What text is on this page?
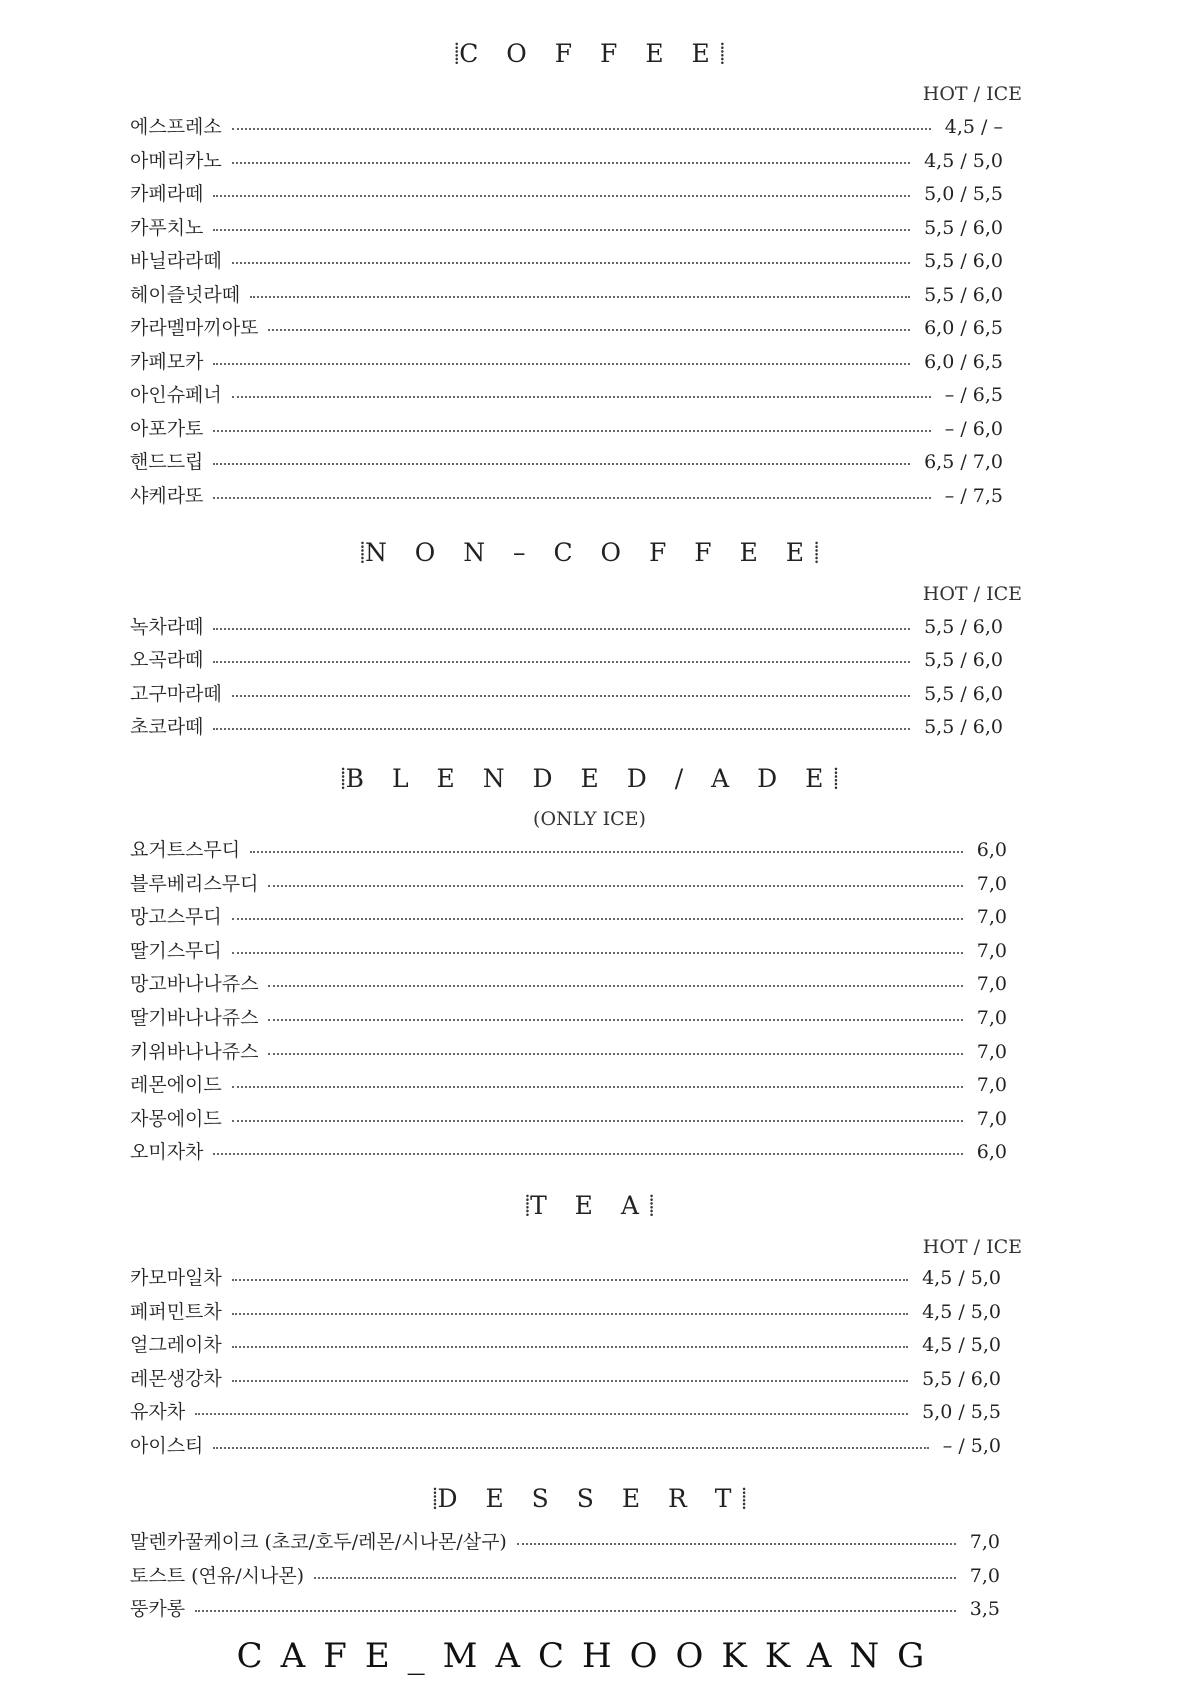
⸽C O F F E E⸽
HOT / ICE
에스프레소	4,5 / –
아메리카노	4,5 / 5,0
카페라떼	5,0 / 5,5
카푸치노	5,5 / 6,0
바닐라라떼	5,5 / 6,0
헤이즐넛라떼	5,5 / 6,0
카라멜마끼아또	6,0 / 6,5
카페모카	6,0 / 6,5
아인슈페너	– / 6,5
아포가토	– / 6,0
핸드드립	6,5 / 7,0
샤케라또	– / 7,5
⸽N O N – C O F F E E⸽
HOT / ICE
녹차라떼	5,5 / 6,0
오곡라떼	5,5 / 6,0
고구마라떼	5,5 / 6,0
초코라떼	5,5 / 6,0
⸽B L E N D E D / A D E⸽
(ONLY ICE)
요거트스무디	6,0
블루베리스무디	7,0
망고스무디	7,0
딸기스무디	7,0
망고바나나쥬스	7,0
딸기바나나쥬스	7,0
키위바나나쥬스	7,0
레몬에이드	7,0
자몽에이드	7,0
오미자차	6,0
⸽T E A⸽
HOT / ICE
카모마일차	4,5 / 5,0
페퍼민트차	4,5 / 5,0
얼그레이차	4,5 / 5,0
레몬생강차	5,5 / 6,0
유자차	5,0 / 5,5
아이스티	– / 5,0
⸽D E S S E R T⸽
말렌카꿀케이크 (초코/호두/레몬/시나몬/살구)	7,0
토스트 (연유/시나몬)	7,0
뚱카롱	3,5
CAFE_MACHOOKKANG
